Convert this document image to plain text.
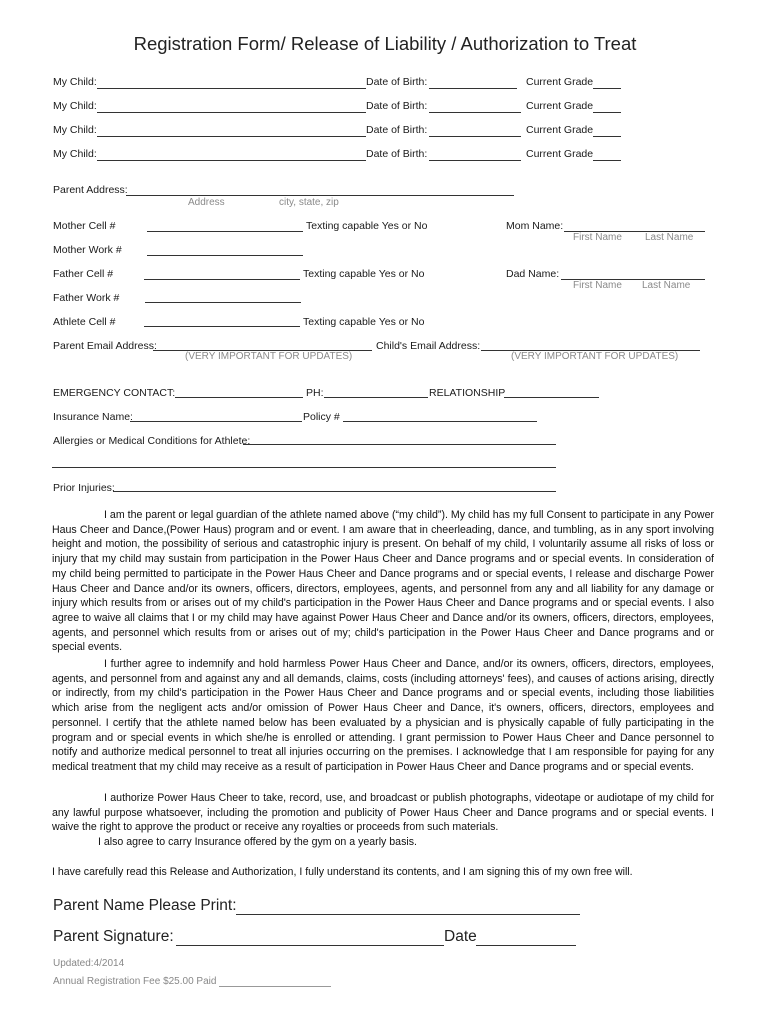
Registration Form/ Release of Liability / Authorization to Treat
My Child:	Date of Birth:	Current Grade
My Child:	Date of Birth:	Current Grade
My Child:	Date of Birth:	Current Grade
My Child:	Date of Birth:	Current Grade
Parent Address:
Address	city, state, zip
Mother Cell #	Texting capable Yes or No	Mom Name:
First Name Last Name
Mother Work #
Father Cell #	Texting capable Yes or No	Dad Name:
First Name Last Name
Father Work #
Athlete Cell #	Texting capable Yes or No
Parent Email Address:
(VERY IMPORTANT FOR UPDATES)
Child's Email Address:
(VERY IMPORTANT FOR UPDATES)
EMERGENCY CONTACT:	PH:	RELATIONSHIP
Insurance Name:	Policy #
Allergies or Medical Conditions for Athlete:
Prior Injuries:

I am the parent or legal guardian of the athlete named above (“my child”). My child has my full Consent to participate in any Power Haus Cheer and Dance,(Power Haus) program and or event. I am aware that in cheerleading, dance, and tumbling, as in any sport involving height and motion, the possibility of serious and catastrophic injury is present. On behalf of my child, I voluntarily assume all risks of loss or injury that my child may sustain from participation in the Power Haus Cheer and Dance programs and or special events. In consideration of my child being permitted to participate in the Power Haus Cheer and Dance programs and or special events, I release and discharge Power Haus Cheer and Dance and/or its owners, officers, directors, employees, agents, and personnel from any and all liability for any damage or injury which results from or arises out of my child's participation in the Power Haus Cheer and Dance programs and or special events. I also agree to waive all claims that I or my child may have against Power Haus Cheer and Dance and/or its owners, officers, directors, employees, agents, and personnel which results from or arises out of my; child's participation in the Power Haus Cheer and Dance programs and or special events.

I further agree to indemnify and hold harmless Power Haus Cheer and Dance, and/or its owners, officers, directors, employees, agents, and personnel from and against any and all demands, claims, costs (including attorneys' fees), and causes of actions arising, directly or indirectly, from my child's participation in the Power Haus Cheer and Dance programs and or special events, including those liabilities which arise from the negligent acts and/or omission of Power Haus Cheer and Dance, it's owners, officers, directors, employees and personnel. I certify that the athlete named below has been evaluated by a physician and is physically capable of fully participating in the program and or special events in which she/he is enrolled or attending. I grant permission to Power Haus Cheer and Dance personnel to notify and authorize medical personnel to treat all injuries occurring on the premises. I acknowledge that I am responsible for paying for any medical treatment that my child may receive as a result of participation in Power Haus Cheer and Dance programs and or special events.

I authorize Power Haus Cheer to take, record, use, and broadcast or publish photographs, videotape or audiotape of my child for any lawful purpose whatsoever, including the promotion and publicity of Power Haus Cheer and Dance programs and or special events. I waive the right to approve the product or receive any royalties or proceeds from such materials.

I also agree to carry Insurance offered by the gym on a yearly basis.

I have carefully read this Release and Authorization, I fully understand its contents, and I am signing this of my own free will.

Parent Name Please Print:
Parent Signature:	Date
Updated:4/2014
Annual Registration Fee $25.00 Paid
